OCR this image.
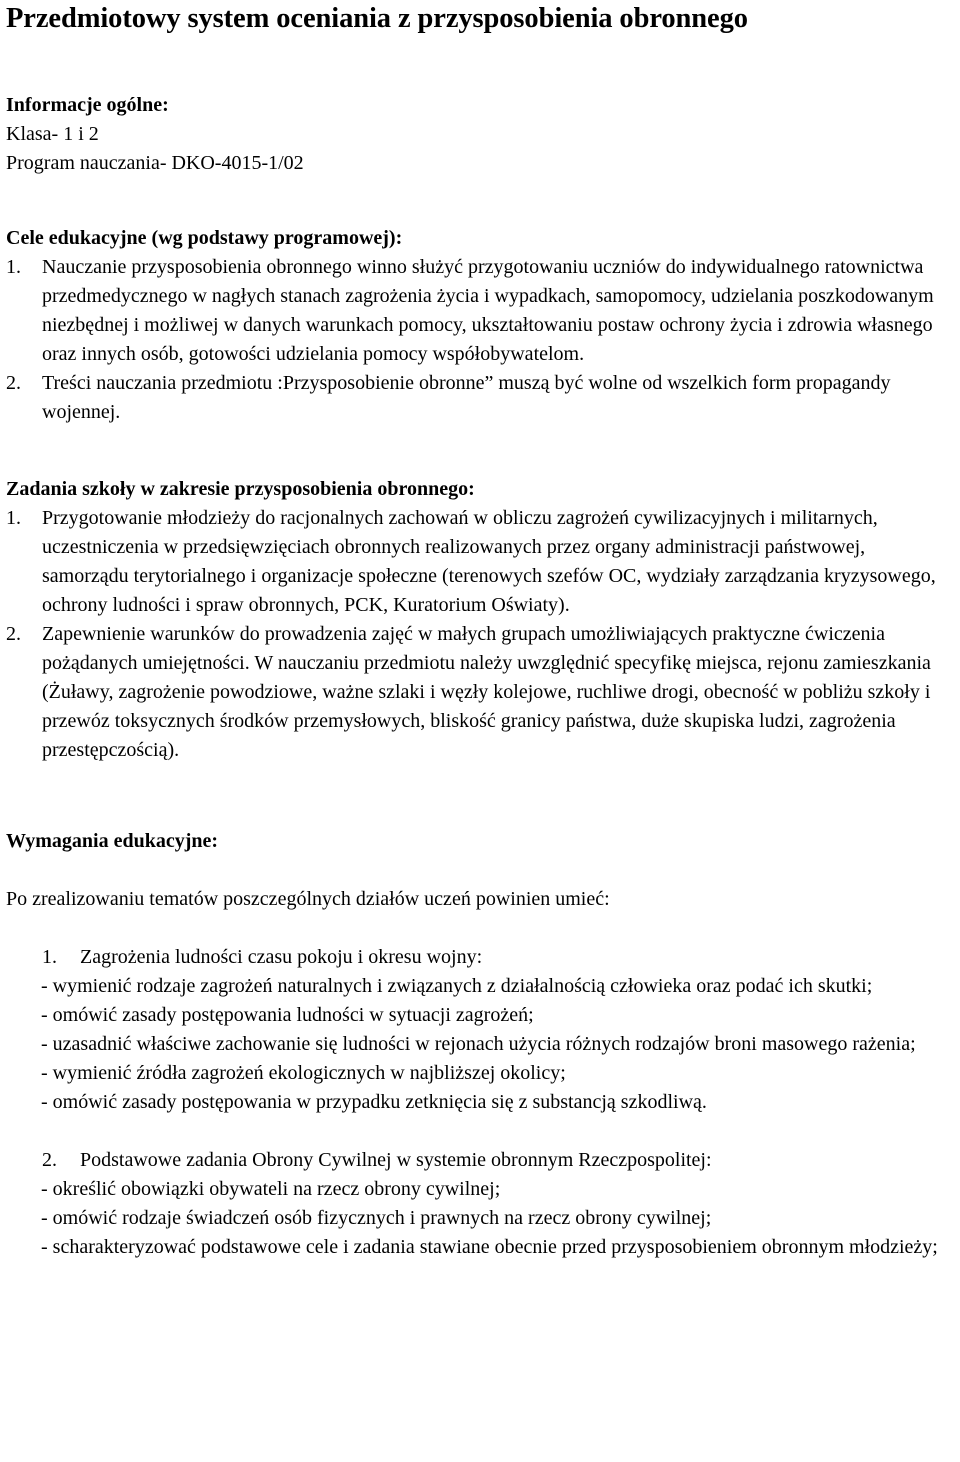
Przedmiotowy system oceniania z przysposobienia obronnego

Informacje ogólne:

Klasa- 1 i 2

Program nauczania- DKO-4015-1/02

Cele edukacyjne (wg podstawy programowej):

1. Nauczanie przysposobienia obronnego winno służyć przygotowaniu uczniów do indywidualnego ratownictwa przedmedycznego w nagłych stanach zagrożenia życia i wypadkach, samopomocy, udzielania poszkodowanym niezbędnej i możliwej w danych warunkach pomocy, ukształtowaniu postaw ochrony życia i zdrowia własnego oraz innych osób, gotowości udzielania pomocy współobywatelom.
2. Treści nauczania przedmiotu :Przysposobienie obronne” muszą być wolne od wszelkich form propagandy wojennej.

Zadania szkoły w zakresie przysposobienia obronnego:

1. Przygotowanie młodzieży do racjonalnych zachowań w obliczu zagrożeń cywilizacyjnych i militarnych, uczestniczenia w przedsięwzięciach obronnych realizowanych przez organy administracji państwowej, samorządu terytorialnego i organizacje społeczne (terenowych szefów OC, wydziały zarządzania kryzysowego, ochrony ludności i spraw obronnych, PCK, Kuratorium Oświaty).
2. Zapewnienie warunków do prowadzenia zajęć w małych grupach umożliwiających praktyczne ćwiczenia pożądanych umiejętności. W nauczaniu przedmiotu należy uwzględnić specyfikę miejsca, rejonu zamieszkania (Żuławy, zagrożenie powodziowe, ważne szlaki i węzły kolejowe, ruchliwe drogi, obecność w pobliżu szkoły i przewóz toksycznych środków przemysłowych, bliskość granicy państwa, duże skupiska ludzi, zagrożenia przestępczością).

Wymagania edukacyjne:

Po zrealizowaniu tematów poszczególnych działów uczeń powinien umieć:

1. Zagrożenia ludności czasu pokoju i okresu wojny:

- wymienić rodzaje zagrożeń naturalnych i związanych z działalnością człowieka oraz podać ich skutki;
- omówić zasady postępowania ludności w sytuacji zagrożeń;
- uzasadnić właściwe zachowanie się ludności w rejonach użycia różnych rodzajów broni masowego rażenia;
- wymienić źródła zagrożeń ekologicznych w najbliższej okolicy;
- omówić zasady postępowania w przypadku zetknięcia się z substancją szkodliwą.

2. Podstawowe zadania Obrony Cywilnej w systemie obronnym Rzeczpospolitej:

- określić obowiązki obywateli na rzecz obrony cywilnej;
- omówić rodzaje świadczeń osób fizycznych i prawnych na rzecz obrony cywilnej;
- scharakteryzować podstawowe cele i zadania stawiane obecnie przed przysposobieniem obronnym młodzieży;
